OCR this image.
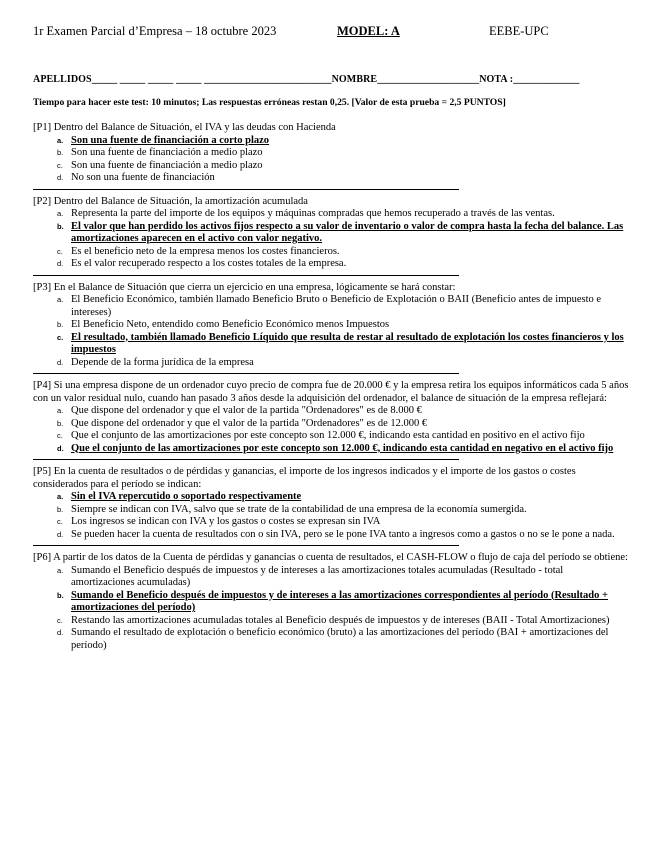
1r Examen Parcial d’Empresa – 18 octubre 2023	MODEL: A	EEBE-UPC
APELLIDOS_____ _____ _____ _____ _________________________NOMBRE____________________NOTA :_____________
Tiempo para hacer este test: 10 minutos; Las respuestas erróneas restan 0,25. [Valor de esta prueba = 2,5 PUNTOS]
[P1] Dentro del Balance de Situación, el IVA y las deudas con Hacienda
a. Son una fuente de financiación a corto plazo
b. Son una fuente de financiación a medio plazo
c. Son una fuente de financiación a medio plazo
d. No son una fuente de financiación
[P2] Dentro del Balance de Situación, la amortización acumulada
a. Representa la parte del importe de los equipos y máquinas compradas que hemos recuperado a través de las ventas.
b. El valor que han perdido los activos fijos respecto a su valor de inventario o valor de compra hasta la fecha del balance. Las amortizaciones aparecen en el activo con valor negativo.
c. Es el beneficio neto de la empresa menos los costes financieros.
d. Es el valor recuperado respecto a los costes totales de la empresa.
[P3] En el Balance de Situación que cierra un ejercicio en una empresa, lógicamente se hará constar:
a. El Beneficio Económico, también llamado Beneficio Bruto o Beneficio de Explotación o BAII (Beneficio antes de impuesto e intereses)
b. El Beneficio Neto, entendido como Beneficio Económico menos Impuestos
c. El resultado, también llamado Beneficio Líquido que resulta de restar al resultado de explotación los costes financieros y los impuestos
d. Depende de la forma jurídica de la empresa
[P4] Si una empresa dispone de un ordenador cuyo precio de compra fue de 20.000 € y la empresa retira los equipos informáticos cada 5 años con un valor residual nulo, cuando han pasado 3 años desde la adquisición del ordenador, el balance de situación de la empresa reflejará:
a. Que dispone del ordenador y que el valor de la partida "Ordenadores" es de 8.000 €
b. Que dispone del ordenador y que el valor de la partida "Ordenadores" es de 12.000 €
c. Que el conjunto de las amortizaciones por este concepto son 12.000 €, indicando esta cantidad en positivo en el activo fijo
d. Que el conjunto de las amortizaciones por este concepto son 12.000 €, indicando esta cantidad en negativo en el activo fijo
[P5] En la cuenta de resultados o de pérdidas y ganancias, el importe de los ingresos indicados y el importe de los gastos o costes considerados para el período se indican:
a. Sin el IVA repercutido o soportado respectivamente
b. Siempre se indican con IVA, salvo que se trate de la contabilidad de una empresa de la economía sumergida.
c. Los ingresos se indican con IVA y los gastos o costes se expresan sin IVA
d. Se pueden hacer la cuenta de resultados con o sin IVA, pero se le pone IVA tanto a ingresos como a gastos o no se le pone a nada.
[P6] A partir de los datos de la Cuenta de pérdidas y ganancias o cuenta de resultados, el CASH-FLOW o flujo de caja del período se obtiene:
a. Sumando el Beneficio después de impuestos y de intereses a las amortizaciones totales acumuladas (Resultado - total amortizaciones acumuladas)
b. Sumando el Beneficio después de impuestos y de intereses a las amortizaciones correspondientes al período (Resultado + amortizaciones del período)
c. Restando las amortizaciones acumuladas totales al Beneficio después de impuestos y de intereses (BAII - Total Amortizaciones)
d. Sumando el resultado de explotación o beneficio económico (bruto) a las amortizaciones del período (BAI + amortizaciones del período)
